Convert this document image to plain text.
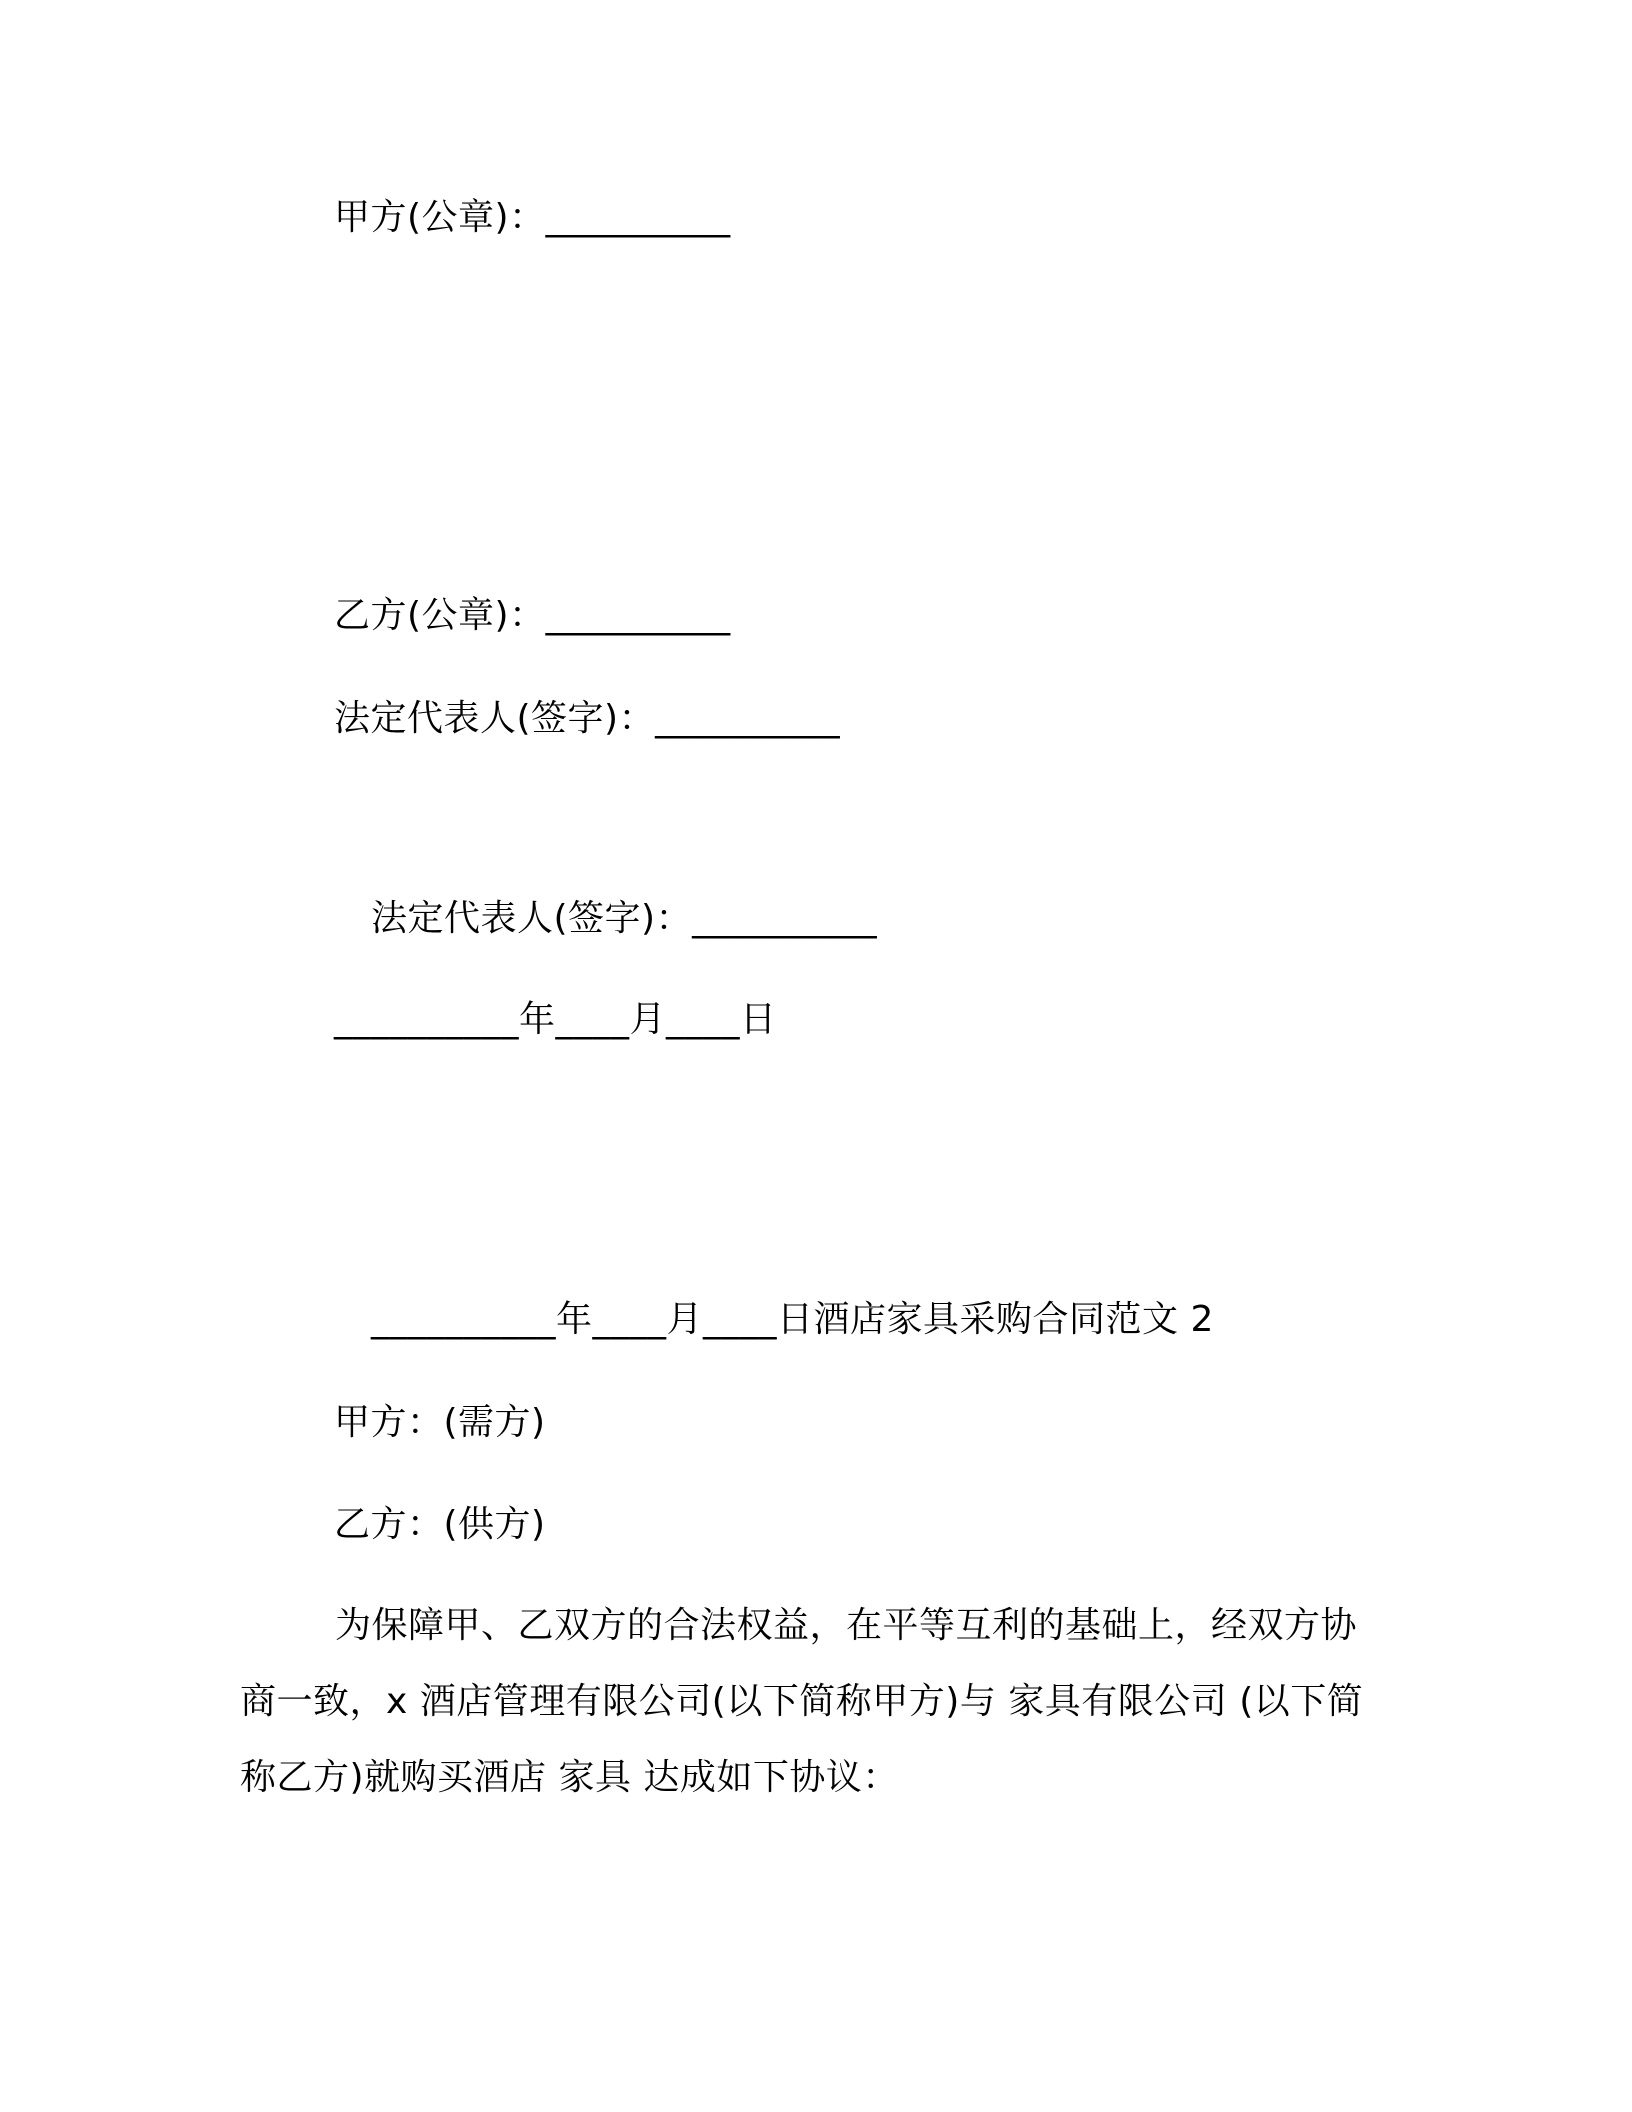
甲方(公章)：__________
乙方(公章)：__________
法定代表人(签字)：__________
法定代表人(签字)：__________
__________年____月____日
__________年____月____日酒店家具采购合同范文 2
甲方：(需方)
乙方：(供方)

为保障甲、乙双方的合法权益，在平等互利的基础上，经双方协商一致，x 酒店管理有限公司(以下简称甲方)与 家具有限公司 (以下简称乙方)就购买酒店 家具 达成如下协议：
